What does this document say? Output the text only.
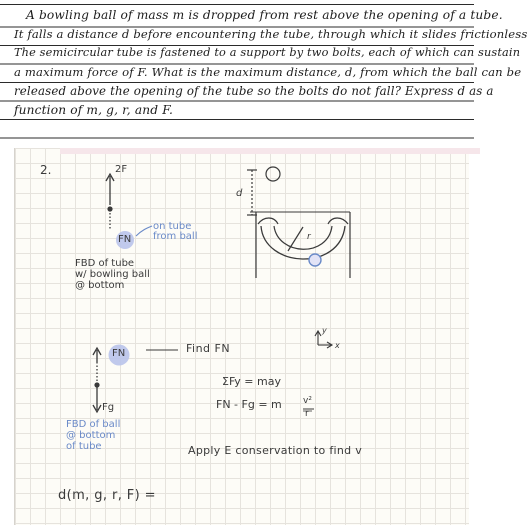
A bowling ball of mass m is dropped from rest above the opening of a tube.
It falls a distance d before encountering the tube, through which it slides frictionless
The semicircular tube is fastened to a support by two bolts, each of which can sustain
a maximum force of F. What is the maximum distance, d, from which the ball can be
released above the opening of the tube so the bolts do not fall? Express d as a
function of m, g, r, and F.
2.	2F
FN
on tube
from ball
FBD of tube
w/ bowling ball
@ bottom
d
r
FN
Fg
FBD of ball
@ bottom
of tube
Find FN
y
x
ΣFy = may
FN - Fg = m v²
r
Apply E conservation to find v
d(m, g, r, F) =
